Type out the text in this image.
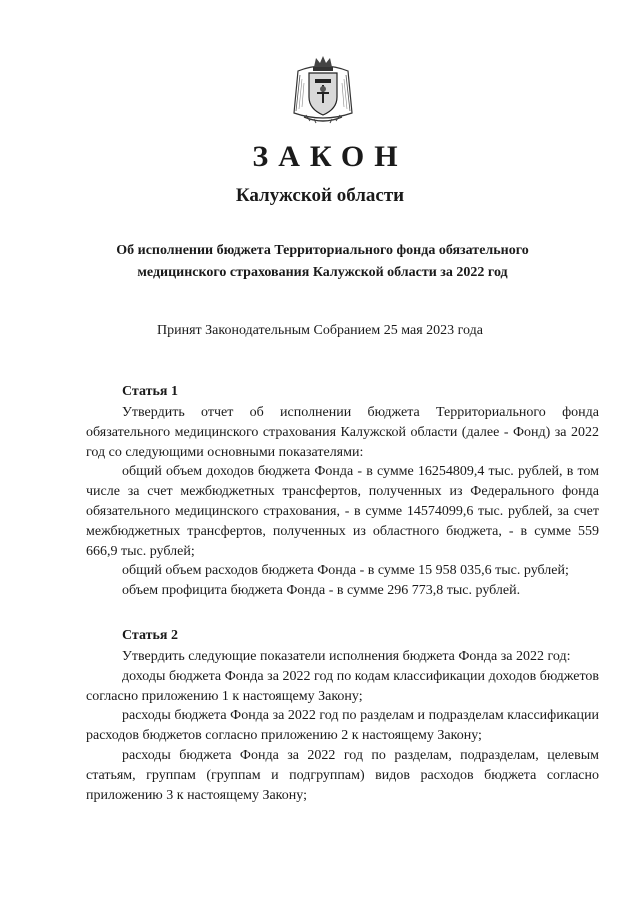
ЗАКОН
Калужской области
Об исполнении бюджета Территориального фонда обязательного медицинского страхования Калужской области за 2022 год
Принят Законодательным Собранием 25 мая 2023 года
Статья 1

Утвердить отчет об исполнении бюджета Территориального фонда обязательного медицинского страхования Калужской области (далее - Фонд) за 2022 год со следующими основными показателями:

общий объем доходов бюджета Фонда - в сумме 16254809,4 тыс. рублей, в том числе за счет межбюджетных трансфертов, полученных из Федерального фонда обязательного медицинского страхования, - в сумме 14574099,6 тыс. рублей, за счет межбюджетных трансфертов, полученных из областного бюджета, - в сумме 559 666,9 тыс. рублей;

общий объем расходов бюджета Фонда - в сумме 15 958 035,6 тыс. рублей;

объем профицита бюджета Фонда - в сумме 296 773,8 тыс. рублей.

Статья 2

Утвердить следующие показатели исполнения бюджета Фонда за 2022 год:

доходы бюджета Фонда за 2022 год по кодам классификации доходов бюджетов согласно приложению 1 к настоящему Закону;

расходы бюджета Фонда за 2022 год по разделам и подразделам классификации расходов бюджетов согласно приложению 2 к настоящему Закону;

расходы бюджета Фонда за 2022 год по разделам, подразделам, целевым статьям, группам (группам и подгруппам) видов расходов бюджета согласно приложению 3 к настоящему Закону;
